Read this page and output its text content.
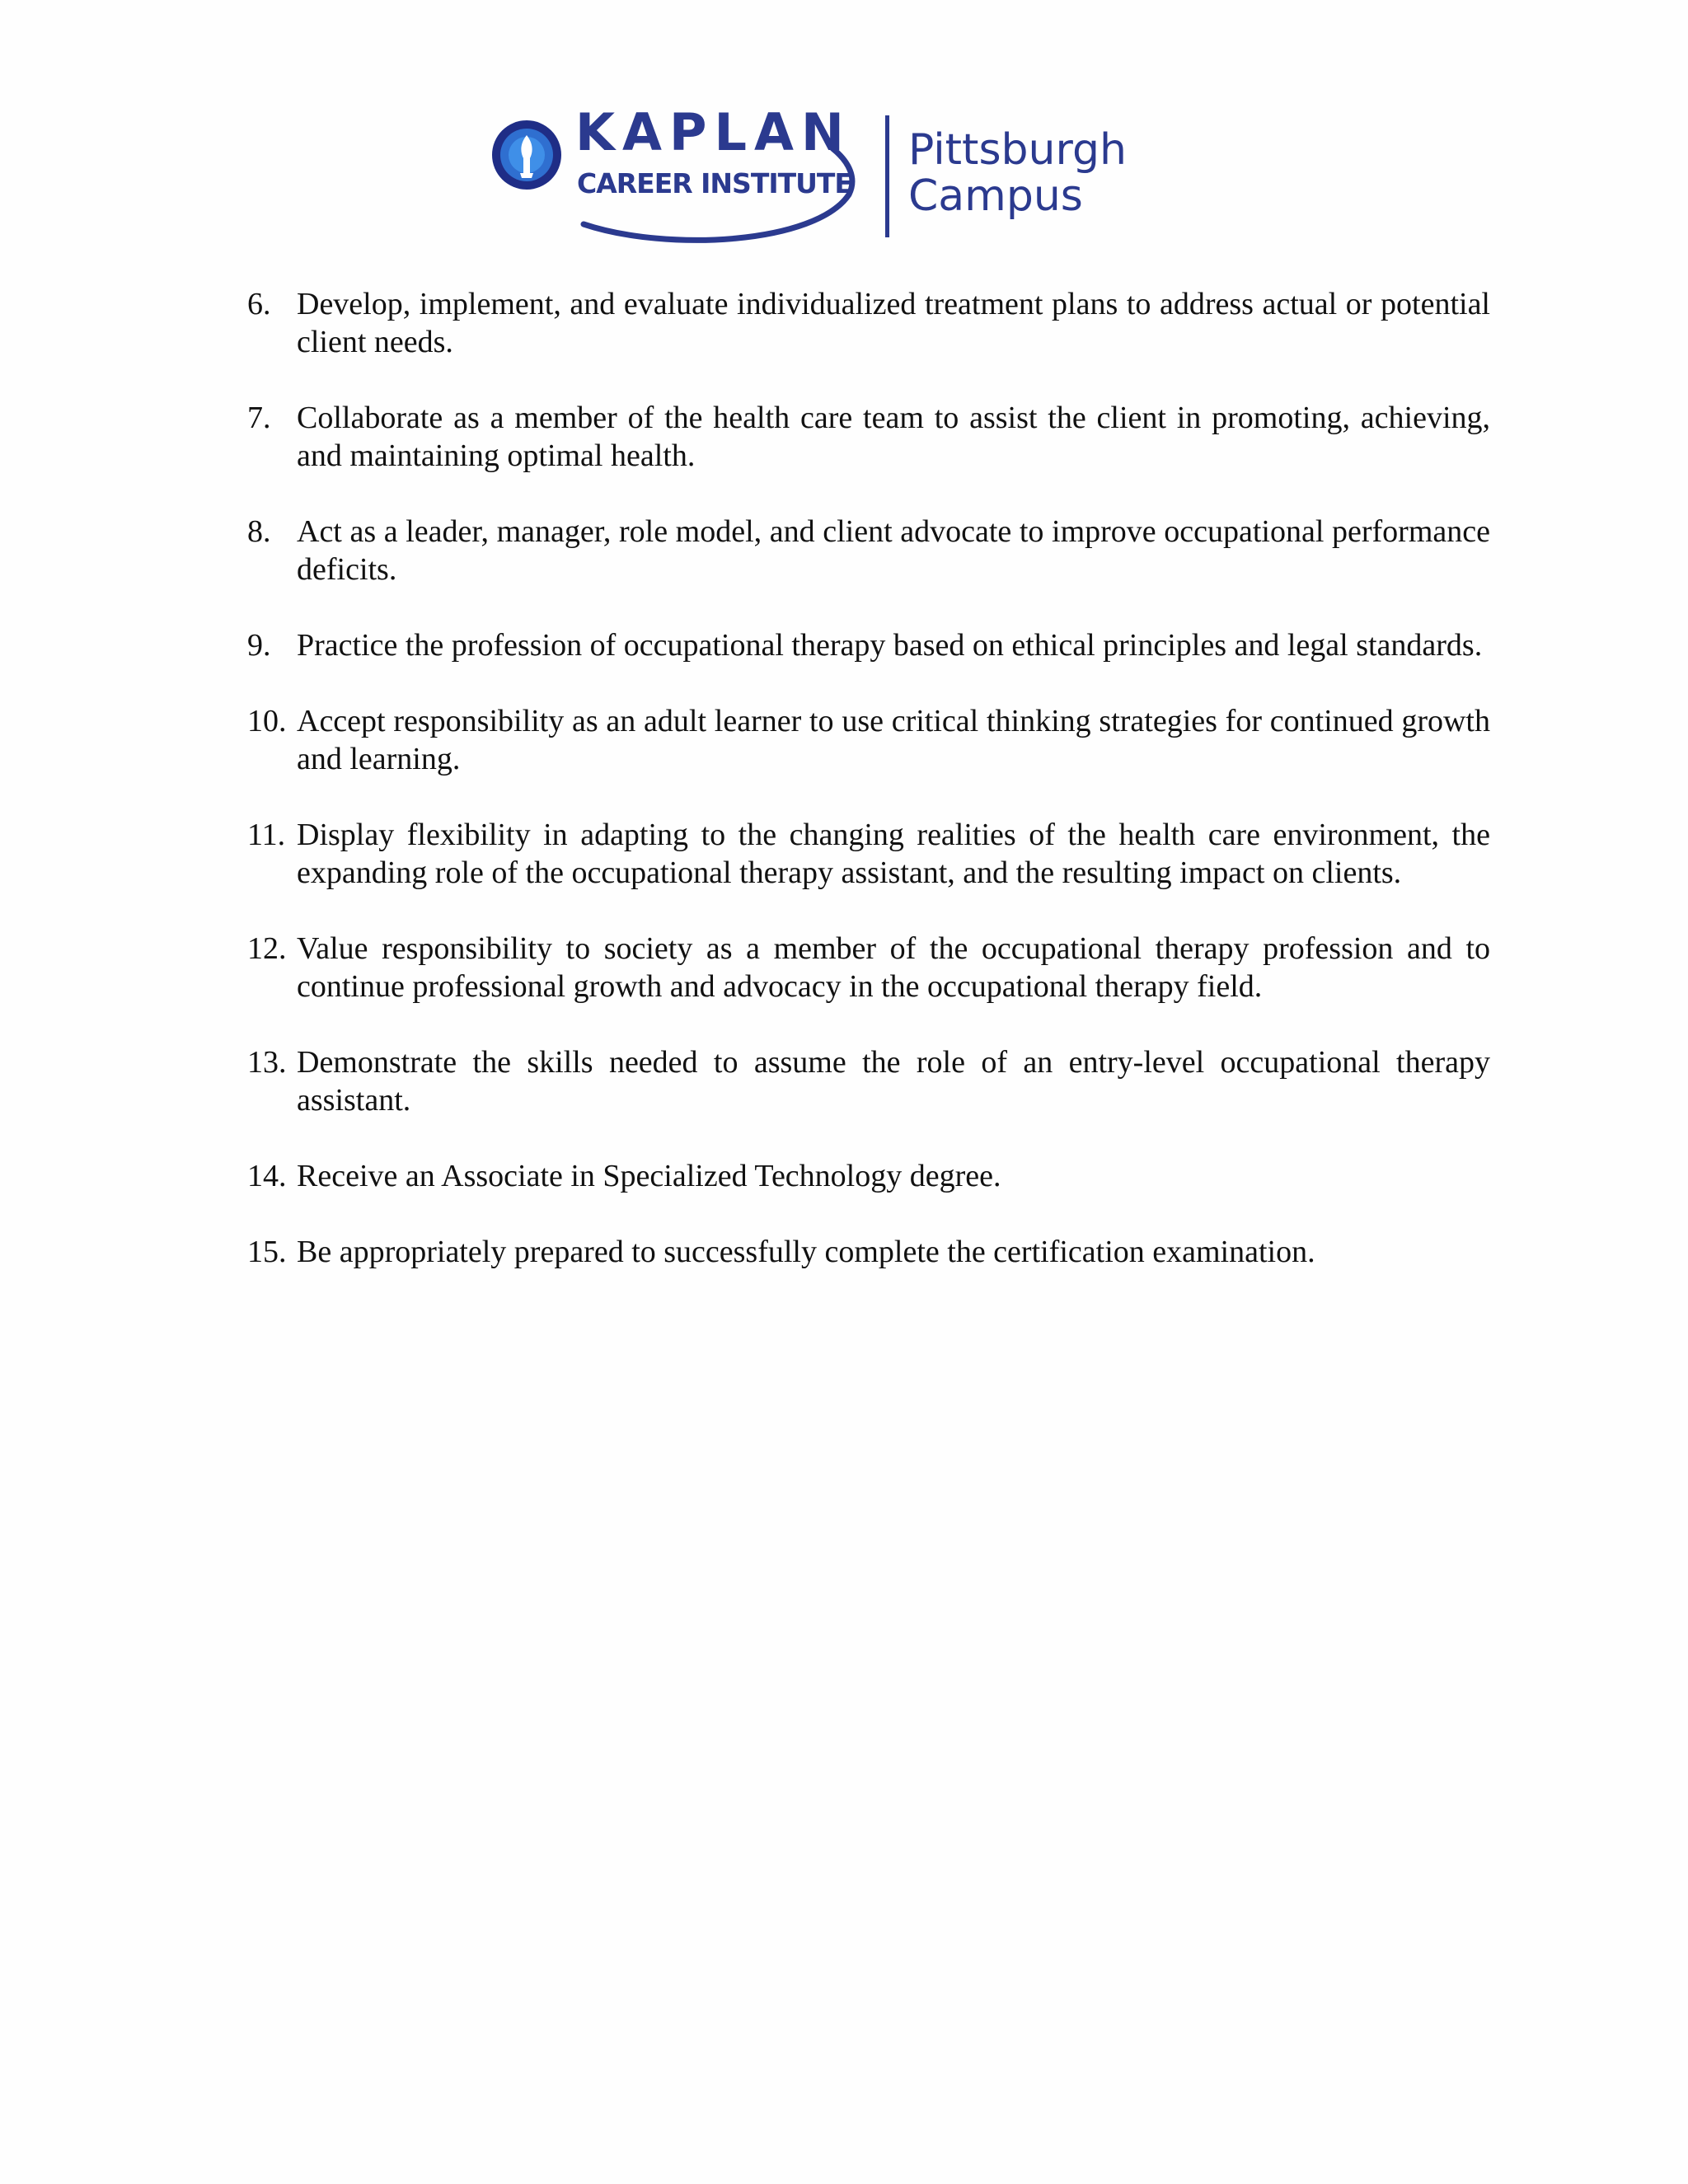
KAPLAN
CAREER INSTITUTE
Pittsburgh
Campus
6. Develop, implement, and evaluate individualized treatment plans to address actual or potential client needs.
7. Collaborate as a member of the health care team to assist the client in promoting, achieving, and maintaining optimal health.
8. Act as a leader, manager, role model, and client advocate to improve occupational performance deficits.
9. Practice the profession of occupational therapy based on ethical principles and legal standards.
10. Accept responsibility as an adult learner to use critical thinking strategies for continued growth and learning.
11. Display flexibility in adapting to the changing realities of the health care environment, the expanding role of the occupational therapy assistant, and the resulting impact on clients.
12. Value responsibility to society as a member of the occupational therapy profession and to continue professional growth and advocacy in the occupational therapy field.
13. Demonstrate the skills needed to assume the role of an entry-level occupational therapy assistant.
14. Receive an Associate in Specialized Technology degree.
15. Be appropriately prepared to successfully complete the certification examination.
